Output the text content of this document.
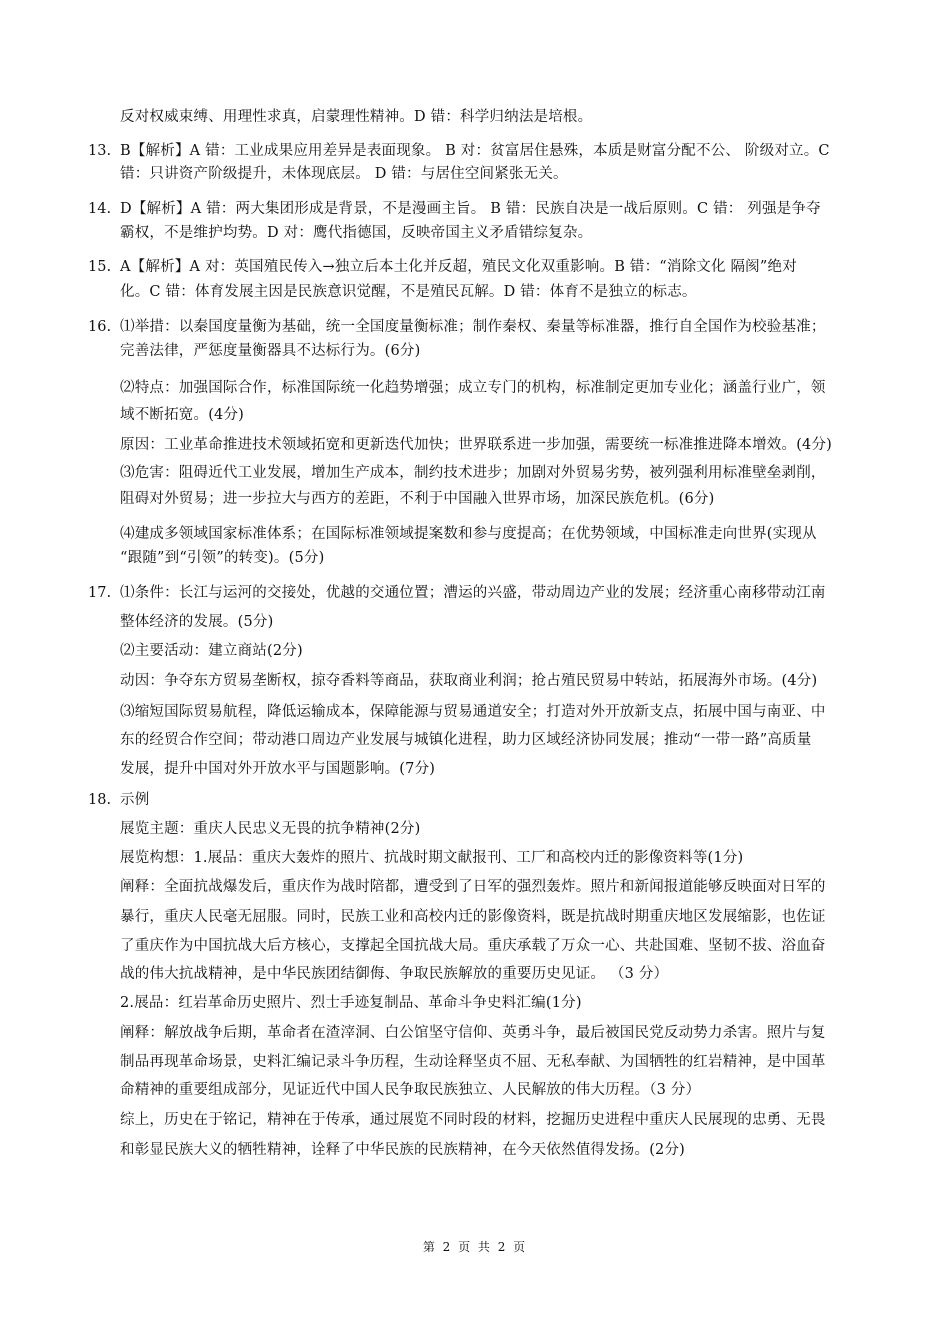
13.
14.
15.
16.
17.
18.
反对权威束缚、用理性求真，启蒙理性精神。D 错：科学归纳法是培根。
B【解析】A 错：工业成果应用差异是表面现象。 B 对：贫富居住悬殊，本质是财富分配不公、 阶级对立。C
错：只讲资产阶级提升，未体现底层。 D 错：与居住空间紧张无关。
D【解析】A 错：两大集团形成是背景，不是漫画主旨。 B 错：民族自决是一战后原则。C 错： 列强是争夺
霸权，不是维护均势。D 对：鹰代指德国，反映帝国主义矛盾错综复杂。
A【解析】A 对：英国殖民传入→独立后本土化并反超，殖民文化双重影响。B 错：“消除文化 隔阂”绝对
化。C 错：体育发展主因是民族意识觉醒，不是殖民瓦解。D 错：体育不是独立的标志。
⑴举措：以秦国度量衡为基础，统一全国度量衡标准；制作秦权、秦量等标准器，推行自全国作为校验基准；
完善法律，严惩度量衡器具不达标行为。(6分)
⑵特点：加强国际合作，标准国际统一化趋势增强；成立专门的机构，标准制定更加专业化；涵盖行业广，领
域不断拓宽。(4分)
原因：工业革命推进技术领域拓宽和更新迭代加快；世界联系进一步加强，需要统一标准推进降本增效。(4分)
⑶危害：阻碍近代工业发展，增加生产成本，制约技术进步；加剧对外贸易劣势，被列强利用标准壁垒剥削，
阻碍对外贸易；进一步拉大与西方的差距，不利于中国融入世界市场，加深民族危机。(6分)
⑷建成多领域国家标准体系；在国际标准领域提案数和参与度提高；在优势领域，中国标准走向世界(实现从
“跟随”到“引领”的转变)。(5分)
⑴条件：长江与运河的交接处，优越的交通位置；漕运的兴盛，带动周边产业的发展；经济重心南移带动江南
整体经济的发展。(5分)
⑵主要活动：建立商站(2分)
动因：争夺东方贸易垄断权，掠夺香料等商品，获取商业利润；抢占殖民贸易中转站，拓展海外市场。(4分)
⑶缩短国际贸易航程，降低运输成本，保障能源与贸易通道安全；打造对外开放新支点，拓展中国与南亚、中
东的经贸合作空间；带动港口周边产业发展与城镇化进程，助力区域经济协同发展；推动“一带一路”高质量
发展，提升中国对外开放水平与国题影响。(7分)
示例
展览主题：重庆人民忠义无畏的抗争精神(2分)
展览构想：1.展品：重庆大轰炸的照片、抗战时期文献报刊、工厂和高校内迁的影像资料等(1分)
阐释：全面抗战爆发后，重庆作为战时陪都，遭受到了日军的强烈轰炸。照片和新闻报道能够反映面对日军的
暴行，重庆人民毫无屈服。同时，民族工业和高校内迁的影像资料，既是抗战时期重庆地区发展缩影，也佐证
了重庆作为中国抗战大后方核心，支撑起全国抗战大局。重庆承载了万众一心、共赴国难、坚韧不拔、浴血奋
战的伟大抗战精神，是中华民族团结御侮、争取民族解放的重要历史见证。 （3 分）
2.展品：红岩革命历史照片、烈士手迹复制品、革命斗争史料汇编(1分)
阐释：解放战争后期，革命者在渣滓洞、白公馆坚守信仰、英勇斗争，最后被国民党反动势力杀害。照片与复
制品再现革命场景，史料汇编记录斗争历程，生动诠释坚贞不屈、无私奉献、为国牺牲的红岩精神，是中国革
命精神的重要组成部分，见证近代中国人民争取民族独立、人民解放的伟大历程。（3 分）
综上，历史在于铭记，精神在于传承，通过展览不同时段的材料，挖掘历史进程中重庆人民展现的忠勇、无畏
和彰显民族大义的牺牲精神，诠释了中华民族的民族精神，在今天依然值得发扬。(2分)
第 2 页 共 2 页
